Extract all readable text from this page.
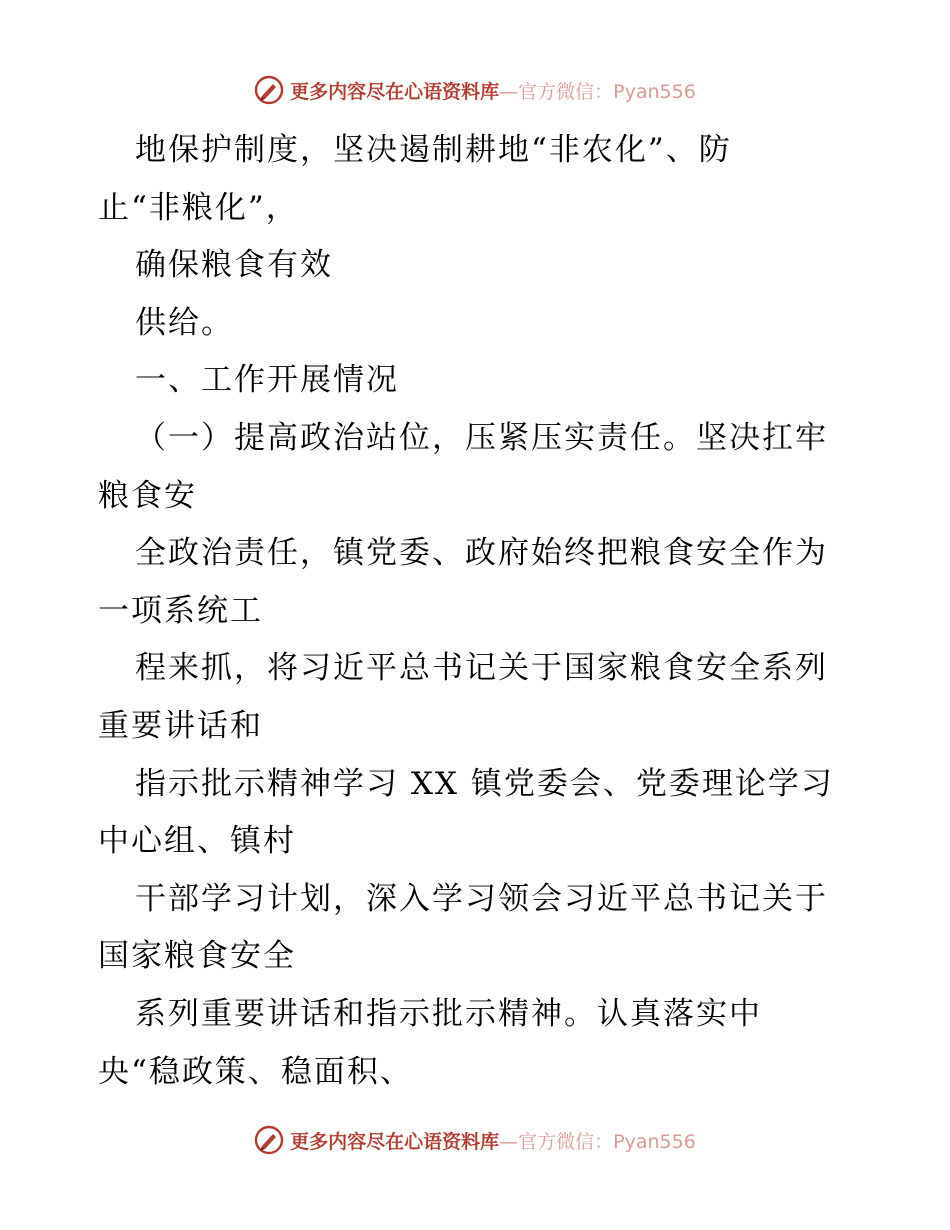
更多内容尽在心语资料库—官方微信：Pyan556
地保护制度，坚决遏制耕地“非农化”、防
止“非粮化”，
确保粮食有效
供给。
一、工作开展情况
（一）提高政治站位，压紧压实责任。坚决扛牢
粮食安
全政治责任，镇党委、政府始终把粮食安全作为
一项系统工
程来抓，将习近平总书记关于国家粮食安全系列
重要讲话和
指示批示精神学习 XX 镇党委会、党委理论学习
中心组、镇村
干部学习计划，深入学习领会习近平总书记关于
国家粮食安全
系列重要讲话和指示批示精神。认真落实中
央“稳政策、稳面积、
更多内容尽在心语资料库—官方微信：Pyan556
